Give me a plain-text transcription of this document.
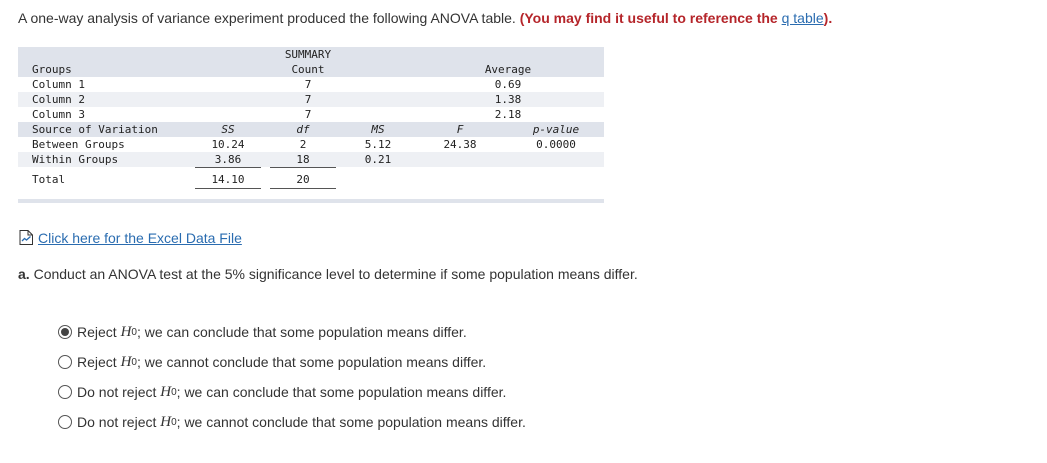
A one-way analysis of variance experiment produced the following ANOVA table. (You may find it useful to reference the q table).
SUMMARY
Groups	Count	Average
Column 1	7	0.69
Column 2	7	1.38
Column 3	7	2.18
Source of Variation	SS	df	MS	F	p-value
Between Groups	10.24	2	5.12	24.38	0.0000
Within Groups	3.86	18	0.21
Total	14.10	20
Click here for the Excel Data File
a. Conduct an ANOVA test at the 5% significance level to determine if some population means differ.
Reject
H 0 ; we can conclude that some population means differ.
Reject
H 0 ; we cannot conclude that some population means differ.
Do not reject
H 0 ; we can conclude that some population means differ.
Do not reject
H 0 ; we cannot conclude that some population means differ.
